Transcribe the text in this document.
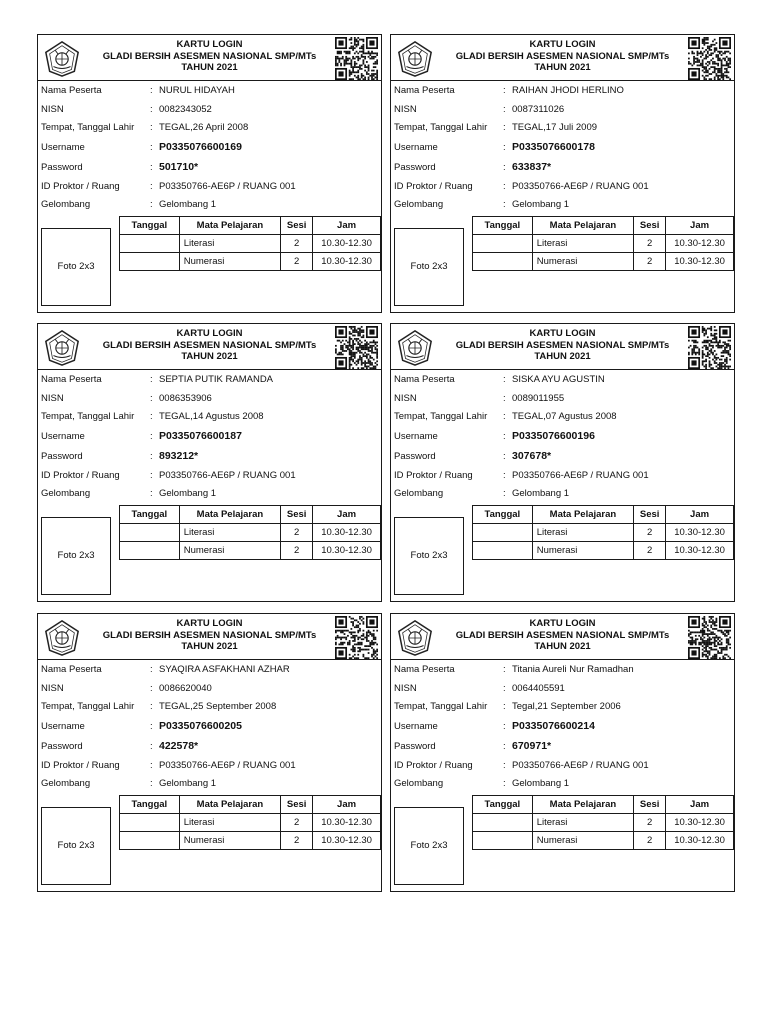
KARTU LOGIN
GLADI BERSIH ASESMEN NASIONAL SMP/MTs
TAHUN 2021
Nama Peserta	: NURUL HIDAYAH
NISN	: 0082343052
Tempat, Tanggal Lahir : TEGAL,26 April 2008
Username	: P0335076600169
Password	: 501710*
ID Proktor / Ruang	: P03350766-AE6P / RUANG 001
Gelombang	: Gelombang 1
Foto 2x3
Tanggal	Mata Pelajaran	Sesi	Jam
	Literasi	2	10.30-12.30
	Numerasi	2	10.30-12.30
KARTU LOGIN
GLADI BERSIH ASESMEN NASIONAL SMP/MTs
TAHUN 2021
Nama Peserta	: RAIHAN JHODI HERLINO
NISN	: 0087311026
Tempat, Tanggal Lahir : TEGAL,17 Juli 2009
Username	: P0335076600178
Password	: 633837*
ID Proktor / Ruang	: P03350766-AE6P / RUANG 001
Gelombang	: Gelombang 1
Foto 2x3
Tanggal	Mata Pelajaran	Sesi	Jam
	Literasi	2	10.30-12.30
	Numerasi	2	10.30-12.30
KARTU LOGIN
GLADI BERSIH ASESMEN NASIONAL SMP/MTs
TAHUN 2021
Nama Peserta	: SEPTIA PUTIK RAMANDA
NISN	: 0086353906
Tempat, Tanggal Lahir : TEGAL,14 Agustus 2008
Username	: P0335076600187
Password	: 893212*
ID Proktor / Ruang	: P03350766-AE6P / RUANG 001
Gelombang	: Gelombang 1
Foto 2x3
Tanggal	Mata Pelajaran	Sesi	Jam
	Literasi	2	10.30-12.30
	Numerasi	2	10.30-12.30
KARTU LOGIN
GLADI BERSIH ASESMEN NASIONAL SMP/MTs
TAHUN 2021
Nama Peserta	: SISKA AYU AGUSTIN
NISN	: 0089011955
Tempat, Tanggal Lahir : TEGAL,07 Agustus 2008
Username	: P0335076600196
Password	: 307678*
ID Proktor / Ruang	: P03350766-AE6P / RUANG 001
Gelombang	: Gelombang 1
Foto 2x3
Tanggal	Mata Pelajaran	Sesi	Jam
	Literasi	2	10.30-12.30
	Numerasi	2	10.30-12.30
KARTU LOGIN
GLADI BERSIH ASESMEN NASIONAL SMP/MTs
TAHUN 2021
Nama Peserta	: SYAQIRA ASFAKHANI AZHAR
NISN	: 0086620040
Tempat, Tanggal Lahir : TEGAL,25 September 2008
Username	: P0335076600205
Password	: 422578*
ID Proktor / Ruang	: P03350766-AE6P / RUANG 001
Gelombang	: Gelombang 1
Foto 2x3
Tanggal	Mata Pelajaran	Sesi	Jam
	Literasi	2	10.30-12.30
	Numerasi	2	10.30-12.30
KARTU LOGIN
GLADI BERSIH ASESMEN NASIONAL SMP/MTs
TAHUN 2021
Nama Peserta	: Titania Aureli Nur Ramadhan
NISN	: 0064405591
Tempat, Tanggal Lahir : Tegal,21 September 2006
Username	: P0335076600214
Password	: 670971*
ID Proktor / Ruang	: P03350766-AE6P / RUANG 001
Gelombang	: Gelombang 1
Foto 2x3
Tanggal	Mata Pelajaran	Sesi	Jam
	Literasi	2	10.30-12.30
	Numerasi	2	10.30-12.30
